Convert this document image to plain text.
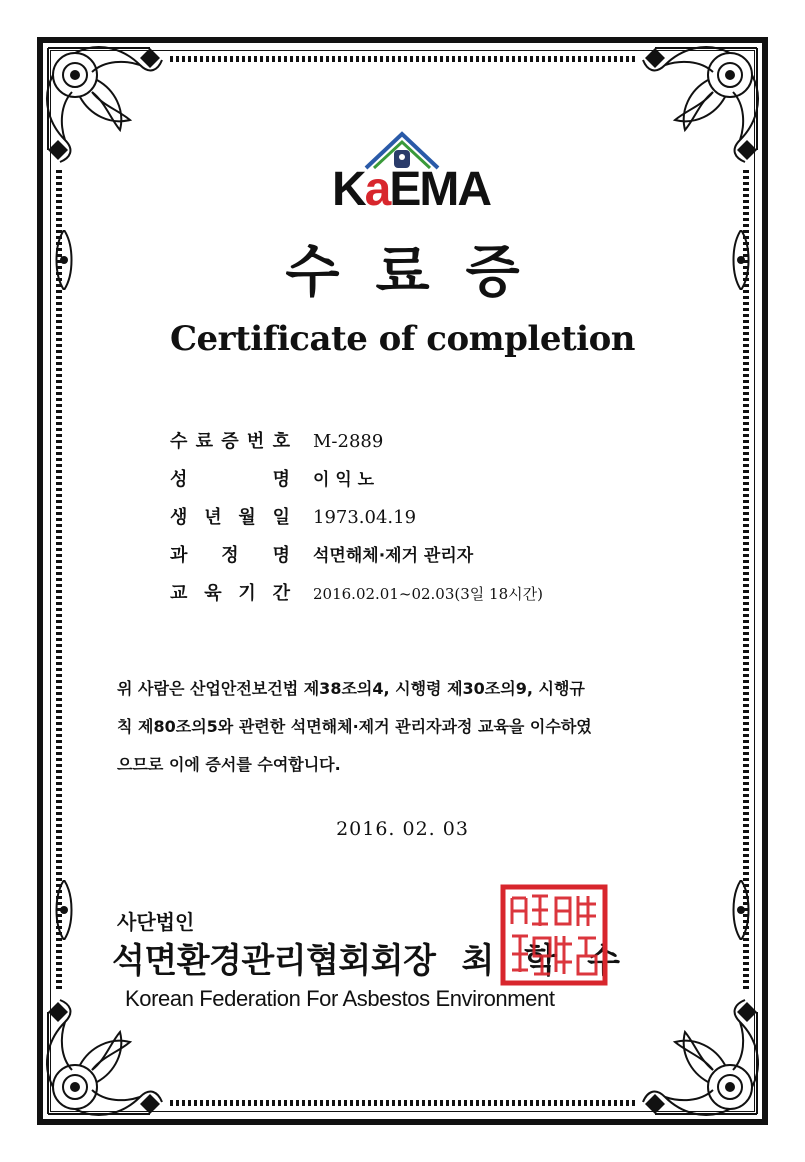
KaEMA
수료증
Certificate of completion
수 료 증 번 호 M-2889
성	명 이 익 노
생 년 월 일 1973.04.19
과 정 명 석면해체·제거 관리자
교 육 기 간 2016.02.01~02.03(3일 18시간)
위 사람은 산업안전보건법 제38조의4, 시행령 제30조의9, 시행규
칙 제80조의5와 관련한 석면해체·제거 관리자과정 교육을 이수하였
으므로 이에 증서를 수여합니다.
2016. 02. 03
사단법인
석면환경관리협회회장 최학수
Korean Federation For Asbestos Environment
